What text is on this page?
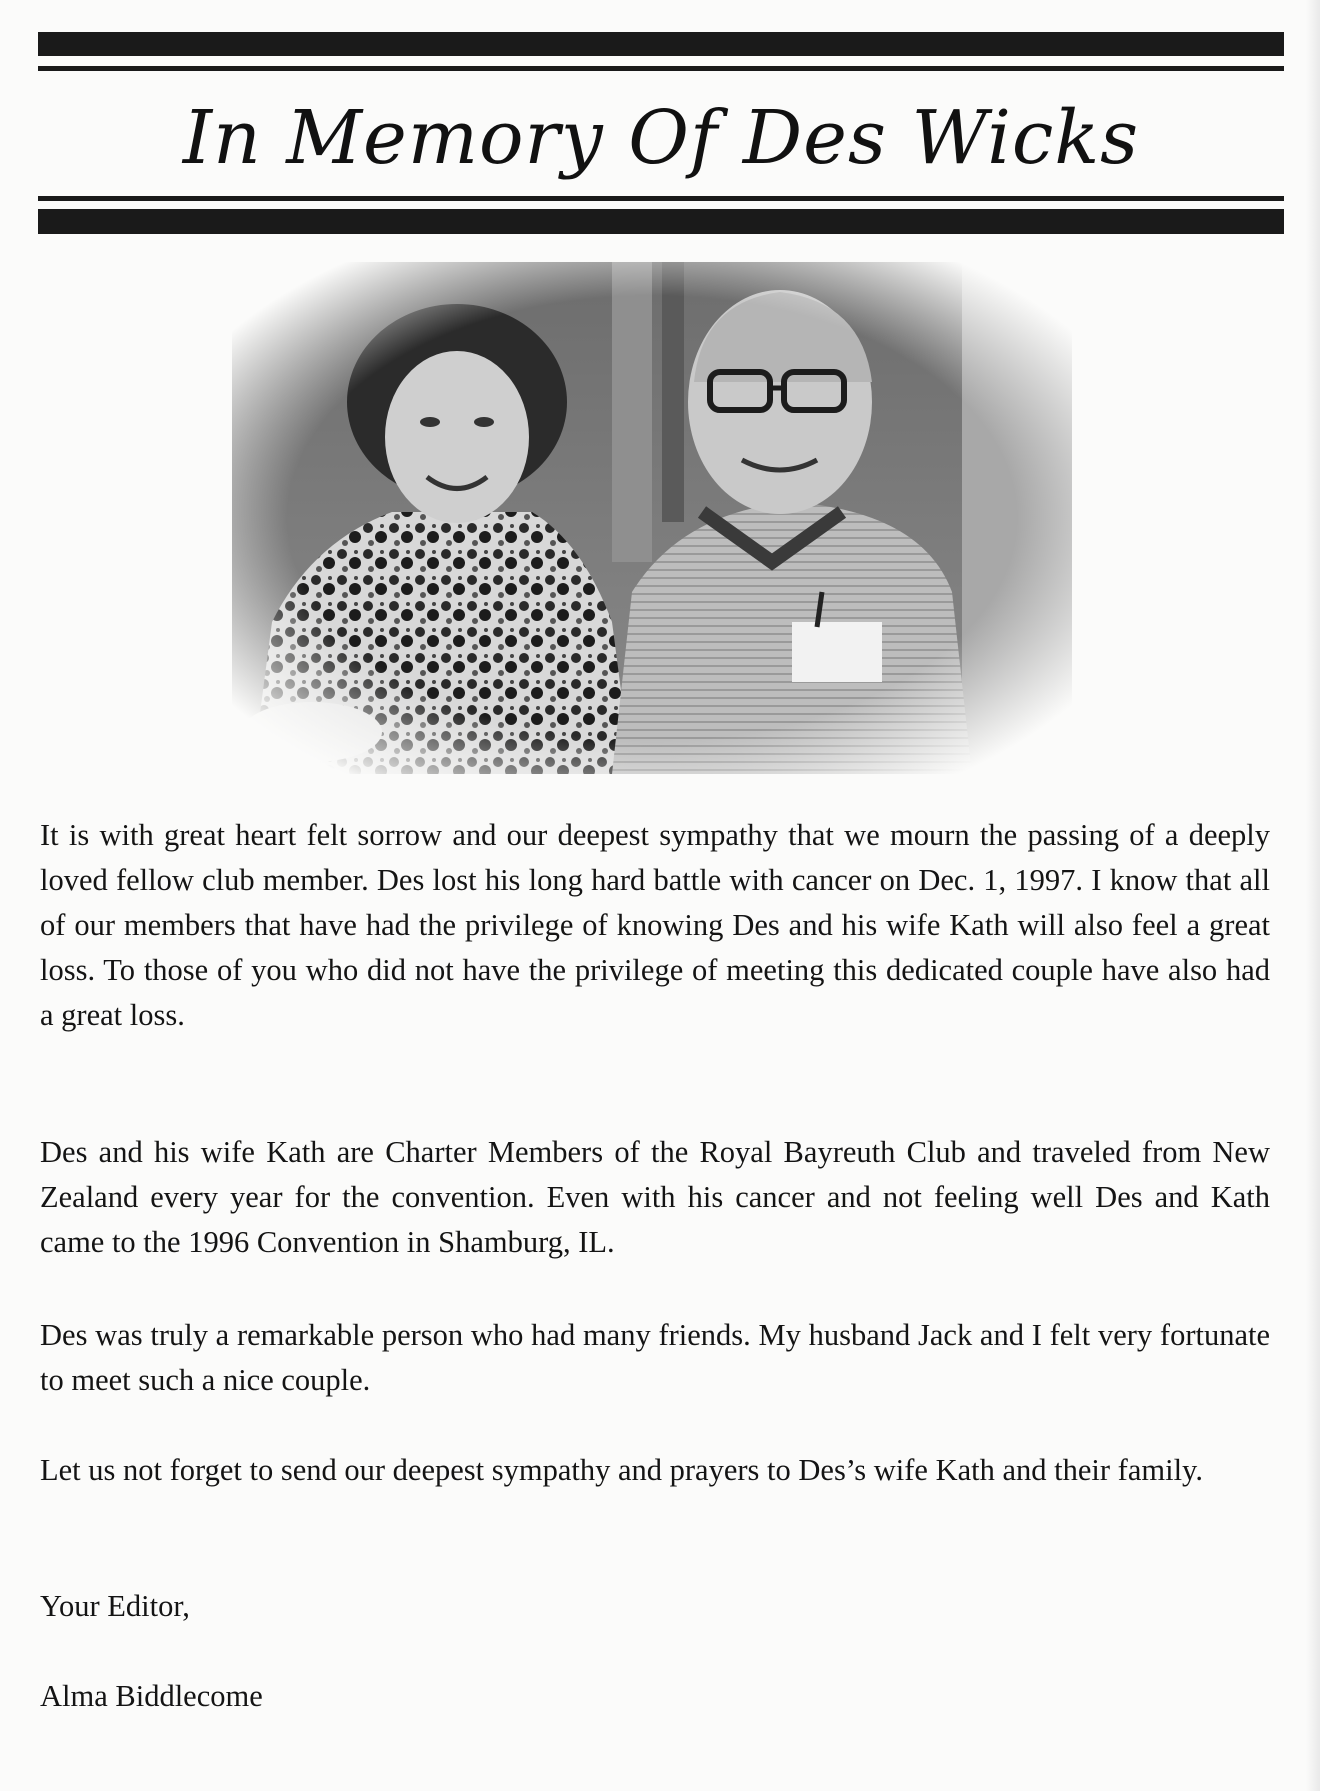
In Memory Of Des Wicks

It is with great heart felt sorrow and our deepest sympathy that we mourn the passing of a deeply loved fellow club member. Des lost his long hard battle with cancer on Dec. 1, 1997. I know that all of our members that have had the privilege of knowing Des and his wife Kath will also feel a great loss. To those of you who did not have the privilege of meeting this dedicated couple have also had a great loss.

Des and his wife Kath are Charter Members of the Royal Bayreuth Club and traveled from New Zealand every year for the convention. Even with his cancer and not feeling well Des and Kath came to the 1996 Convention in Shamburg, IL.

Des was truly a remarkable person who had many friends. My husband Jack and I felt very fortunate to meet such a nice couple.

Let us not forget to send our deepest sympathy and prayers to Des’s wife Kath and their family.

Your Editor,

Alma Biddlecome
